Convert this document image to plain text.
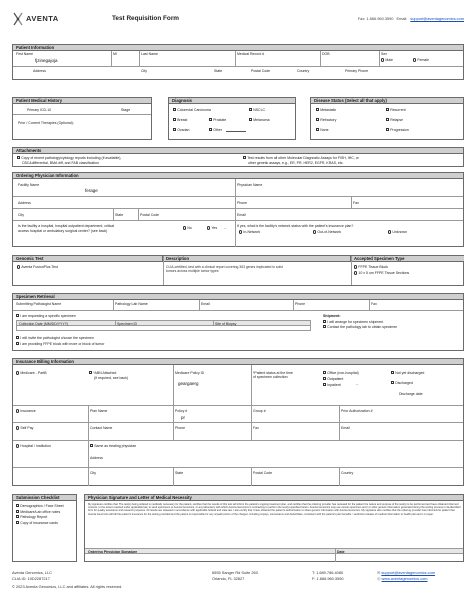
AVENTA	Test Requisition Form	Fax: 1.866.960.3590 Email: support@aventagenomics.com
Patient Information
First Name
fjzinegajoja
MI	Last Name	Medical Record #	DOB	Sex
Male	Female
Address	City	State	Postal Code	Country	Primary Phone
Patient Medical History
Primary ICD-10	Stage
Prior / Current Therapies (Optional):
Diagnosis
Colorectal Carcinoma	NSCLC
Breast	Prostate	Melanoma
Ovarian	Other
Disease Status (Select all that apply)
Metastatic	Recurrent
Refractory	Relapse
None	Progression
Attachments
Copy of recent pathology/cytology reports including (if available),
CBC&differential, BMA diff, and FAB classification
Test results from all other Molecular Diagnostic Assays for FISH, IHC, or
other genetic assays, e.g., ER, PR, HER2, EGFR, KRAS, etc.
Ordering Physician Information
Facility Name
ferage
Physician Name
Address	Phone	Fax
City	State	Postal Code	Email
Is the facility a hospital, hospital outpatient department, critical
access hospital or ambulatory surgical center? (see back)
No	Yes →	If yes, what is the facility's network status with the patient's insurance plan?
In-Network	Out-of-Network	Unknown
Genomic Test	Description	Accepted Specimen Type
Aventa FusionPlus Test	CLIA-certified, test with a clinical report covering 363 genes implicated in solid tumors across multiple tumor types
FFPE Tissue Block
10 x 5 um FFPE Tissue Sections
Specimen Retrieval
Submitting Pathologist Name	Pathology Lab Name	Email	Phone	Fax
I am requesting a specific specimen
Collection Date (MM/DD/YYYY)	Specimen ID	Site of Biopsy
Shipment:
I will arrange for specimen shipment
Contact the pathology lab to obtain specimen
I will invite the pathologist choose the specimen
I am providing FFPE block with more or block of tumor
Insurance Billing Information
Medicare - PartB	*ABN Attached
(If required, see back)
Medicare Policy ID
geargaerg
*Patient status at the time
of specimen collection:
Office (non-hospital)
Outpatient
Inpatient	→
Not yet discharged
Discharged
Discharge date
Insurance	Plan Name	Policy #
pr
Group #	Prior Authorization #
Self Pay	Contact Name	Phone	Fax	Email
Hospital / Institution	Same as treating physician
Address
City	State	Postal Code	Country
Submission Checklist
Demographics / Face Sheet
Medicare/Lab office notes
Pathology Report
Copy of insurance cards
Physician Signature and Letter of Medical Necessity
My signature certifies that: The test(s) being ordered is medically necessary for the patient, certifies that the results of this test will inform the patient's ongoing treatment plan, and certifies that the ordering provider has reviewed for the patient the nature and purpose of the test(s) to be performed and have obtained informed consent, to the extent required under applicable law, to send specimens to Aventa Genomics, or any laboratory with which Aventa Genomics is contracting to perform the test(s) specified herein. Aventa Genomics may use excess specimen and / or other genetic information generated during the testing process in de-identified form for quality assurance and research purposes. All results are released in accordance with applicable federal and state law. I also certify that I have obtained the patient's authorization to share genetic information with Aventa Genomics. My signature also certifies that the ordering provider has informed the patient that Aventa Genomics will bill the patient's insurance for the testing provided and the patient is responsible for any unpaid portion of the charges, including copays, coinsurance and deductibles, consistent with the patient's plan benefits. I authorize release of medical information to health plan and / or payer.
Ordering Physician Signature	Date
Aventa Genomics, LLC
CLIA ID: 10D2287217
© 2023 Aventa Genomics, LLC and affiliates. All rights reserved.
6555 Sanger Rd Suite 260
Orlando, FL 32827
T: 1.689.786.4080
F: 1.866.960.3590
✉ support@aventagenomics.com
◎ www.aventagenomics.com
